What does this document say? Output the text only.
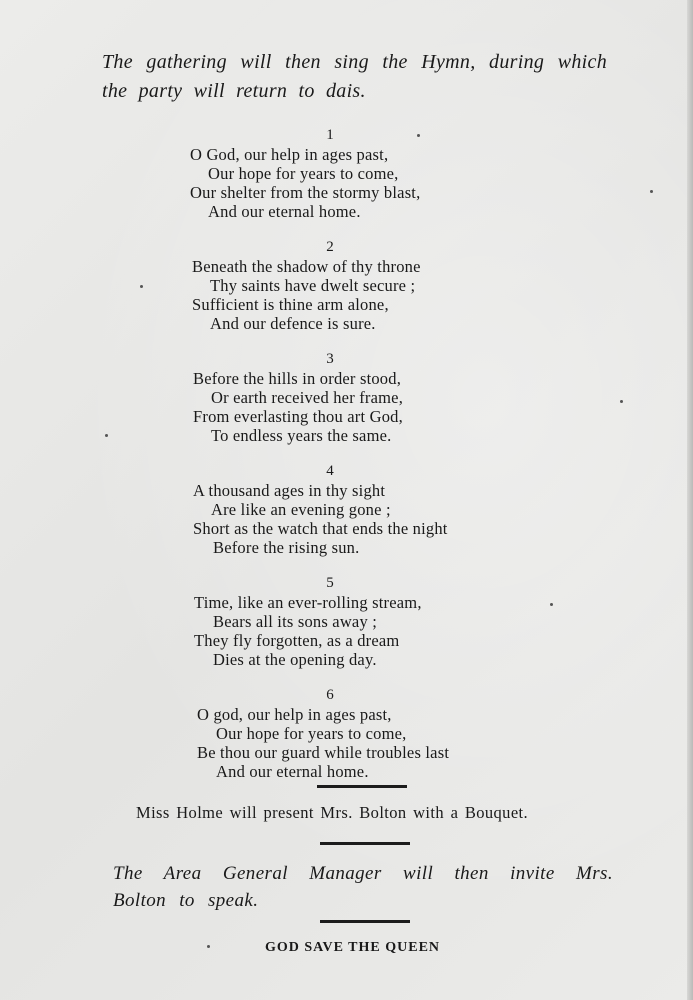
The gathering will then sing the Hymn, during which the party will return to dais.
1
O God, our help in ages past,
Our hope for years to come,
Our shelter from the stormy blast,
And our eternal home.
2
Beneath the shadow of thy throne
Thy saints have dwelt secure ;
Sufficient is thine arm alone,
And our defence is sure.
3
Before the hills in order stood,
Or earth received her frame,
From everlasting thou art God,
To endless years the same.
4
A thousand ages in thy sight
Are like an evening gone ;
Short as the watch that ends the night
Before the rising sun.
5
Time, like an ever-rolling stream,
Bears all its sons away ;
They fly forgotten, as a dream
Dies at the opening day.
6
O god, our help in ages past,
Our hope for years to come,
Be thou our guard while troubles last
And our eternal home.
Miss Holme will present Mrs. Bolton with a Bouquet.
The Area General Manager will then invite Mrs. Bolton to speak.
GOD SAVE THE QUEEN
